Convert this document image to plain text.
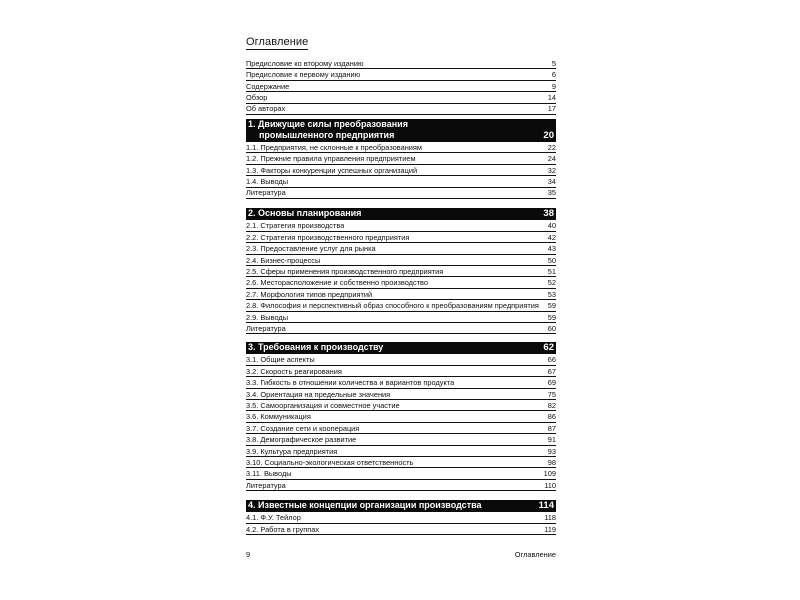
Оглавление
Предисловие ко второму изданию	5
Предисловие к первому изданию	6
Содержание	9
Обзор	14
Об авторах	17
1. Движущие силы преобразования
промышленного предприятия	20
1.1. Предприятия, не склонные к преобразованиям	22
1.2. Прежние правила управления предприятием	24
1.3. Факторы конкуренции успешных организаций	32
1.4. Выводы	34
Литература	35
2. Основы планирования	38
2.1. Стратегия производства	40
2.2. Стратегия производственного предприятия	42
2.3. Предоставление услуг для рынка	43
2.4. Бизнес-процессы	50
2.5. Сферы применения производственного предприятия	51
2.6. Месторасположение и собственно производство	52
2.7. Морфология типов предприятий	53
2.8. Философия и перспективный образ способного к преобразованиям предприятия	59
2.9. Выводы	59
Литература	60
3. Требования к производству	62
3.1. Общие аспекты	66
3.2. Скорость реагирования	67
3.3. Гибкость в отношении количества и вариантов продукта	69
3.4. Ориентация на предельные значения	75
3.5. Самоорганизация и совместное участие	82
3.6. Коммуникация	86
3.7. Создание сети и кооперация	87
3.8. Демографическое развитие	91
3.9. Культура предприятия	93
3.10. Социально-экологическая ответственность	98
3.11. Выводы	109
Литература	110
4. Известные концепции организации производства	114
4.1. Ф.У. Тейлор	118
4.2. Работа в группах	119
9	Оглавление
